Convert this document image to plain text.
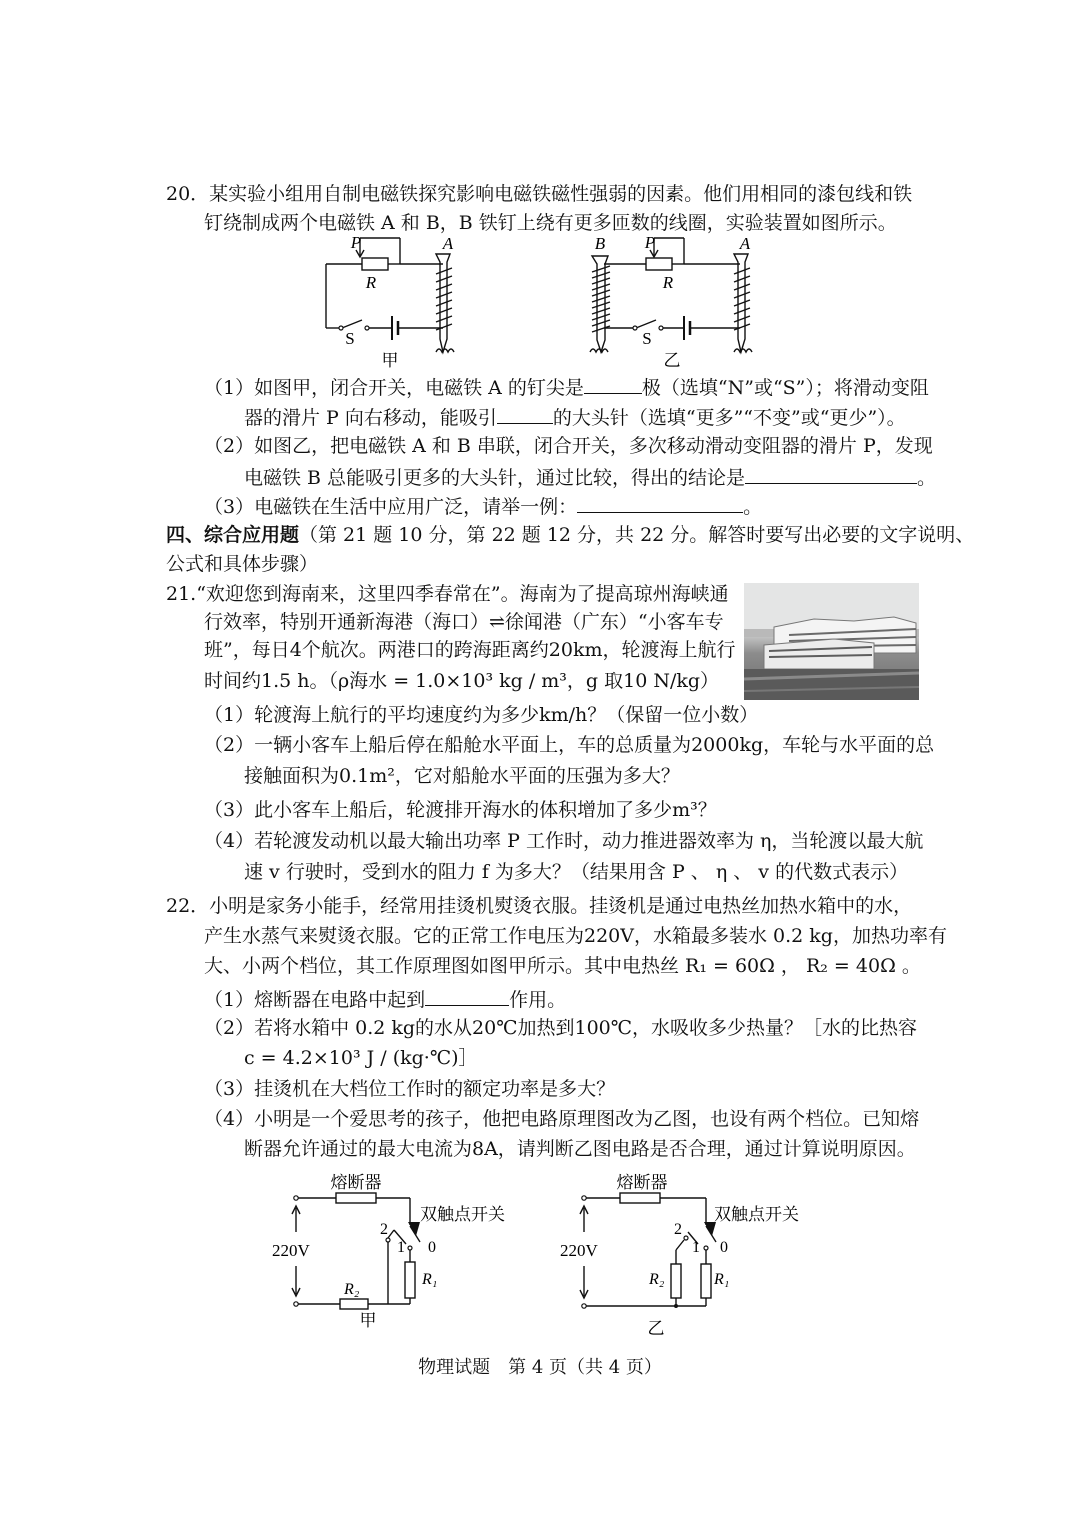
20．某实验小组用自制电磁铁探究影响电磁铁磁性强弱的因素。他们用相同的漆包线和铁
钉绕制成两个电磁铁 A 和 B，B 铁钉上绕有更多匝数的线圈，实验装置如图所示。
P
R
A
S
甲
B P
R
A
S
乙
（1）如图甲，闭合开关，电磁铁 A 的钉尖是	极（选填“N”或“S”）；将滑动变阻
器的滑片 P 向右移动，能吸引	的大头针（选填“更多”“不变”或“更少”）。
（2）如图乙，把电磁铁 A 和 B 串联，闭合开关，多次移动滑动变阻器的滑片 P，发现
电磁铁 B 总能吸引更多的大头针，通过比较，得出的结论是	。
（3）电磁铁在生活中应用广泛，请举一例：	。
四、综合应用题（第 21 题 10 分，第 22 题 12 分，共 22 分。解答时要写出必要的文字说明、
公式和具体步骤）
21.“欢迎您到海南来，这里四季春常在”。海南为了提高琼州海峡通
行效率，特别开通新海港（海口）⇌徐闻港（广东）“小客车专
班”，每日4个航次。两港口的跨海距离约20km，轮渡海上航行
时间约1.5 h。（ρ海水 = 1.0×10³ kg / m³，g 取10 N/kg）
（1）轮渡海上航行的平均速度约为多少km/h？（保留一位小数）
（2）一辆小客车上船后停在船舱水平面上，车的总质量为2000kg，车轮与水平面的总
接触面积为0.1m²，它对船舱水平面的压强为多大？
（3）此小客车上船后，轮渡排开海水的体积增加了多少m³？
（4）若轮渡发动机以最大输出功率 P 工作时，动力推进器效率为 η，当轮渡以最大航
速 v 行驶时，受到水的阻力 f 为多大？（结果用含 P 、 η 、 v 的代数式表示）
22．小明是家务小能手，经常用挂烫机熨烫衣服。挂烫机是通过电热丝加热水箱中的水，
产生水蒸气来熨烫衣服。它的正常工作电压为220V，水箱最多装水 0.2 kg，加热功率有
大、小两个档位，其工作原理图如图甲所示。其中电热丝 R₁ = 60Ω ， R₂ = 40Ω 。
（1）熔断器在电路中起到	作用。
（2）若将水箱中 0.2 kg的水从20℃加热到100℃，水吸收多少热量？［水的比热容
c = 4.2×10³ J / (kg·℃)］
（3）挂烫机在大档位工作时的额定功率是多大？
（4）小明是一个爱思考的孩子，他把电路原理图改为乙图，也设有两个档位。已知熔
断器允许通过的最大电流为8A，请判断乙图电路是否合理，通过计算说明原因。
熔断器
双触点开关
220V
2
1 0
R₁
R₂
甲
熔断器
双触点开关
220V
2
1 0
R₂	R₁
乙
物理试题　第 4 页（共 4 页）
